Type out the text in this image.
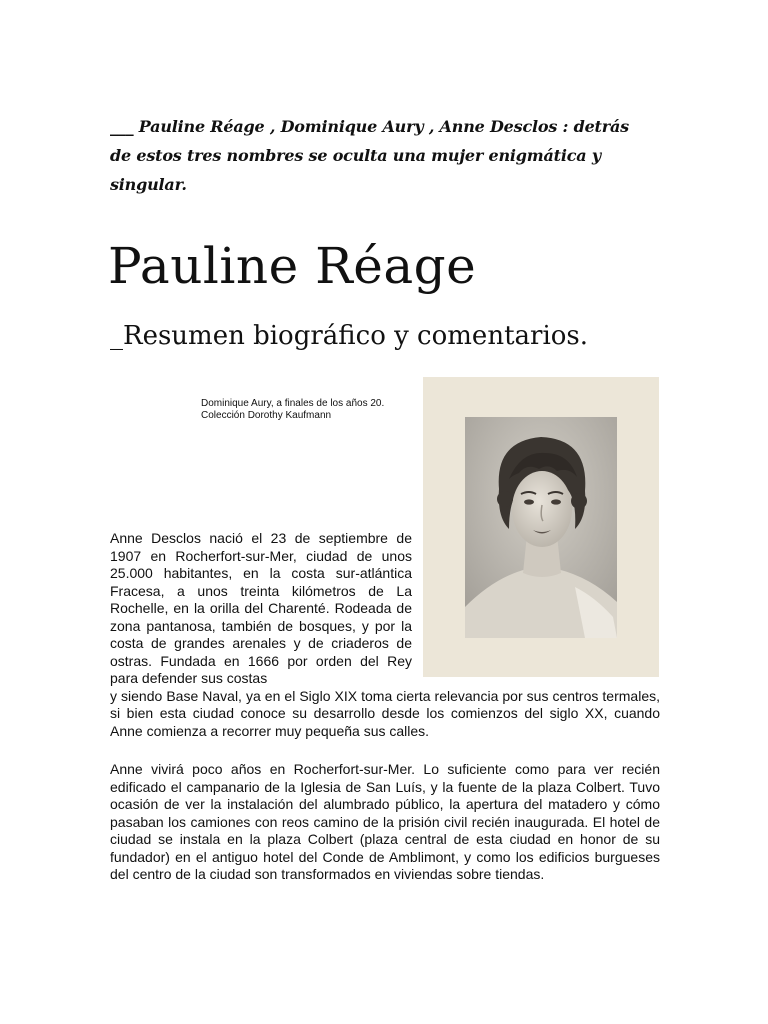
___ Pauline Réage , Dominique Aury , Anne Desclos : detrás de estos tres nombres se oculta una mujer enigmática y singular.

Pauline Réage
_Resumen biográfico y comentarios.
Dominique Aury, a finales de los años 20.
Colección Dorothy Kaufmann

Anne Desclos nació el 23 de septiembre de 1907 en Rocherfort-sur-Mer, ciudad de unos 25.000 habitantes, en la costa sur-atlántica Fracesa, a unos treinta kilómetros de La Rochelle, en la orilla del Charenté. Rodeada de zona pantanosa, también de bosques, y por la costa de grandes arenales y de criaderos de ostras. Fundada en 1666 por orden del Rey para defender sus costas

y siendo Base Naval, ya en el Siglo XIX toma cierta relevancia por sus centros termales, si bien esta ciudad conoce su desarrollo desde los comienzos del siglo XX, cuando Anne comienza a recorrer muy pequeña sus calles.

Anne vivirá poco años en Rocherfort-sur-Mer. Lo suficiente como para ver recién edificado el campanario de la Iglesia de San Luís, y la fuente de la plaza Colbert. Tuvo ocasión de ver la instalación del alumbrado público, la apertura del matadero y cómo pasaban los camiones con reos camino de la prisión civil recién inaugurada. El hotel de ciudad se instala en la plaza Colbert (plaza central de esta ciudad en honor de su fundador) en el antiguo hotel del Conde de Amblimont, y como los edificios burgueses del centro de la ciudad son transformados en viviendas sobre tiendas.
